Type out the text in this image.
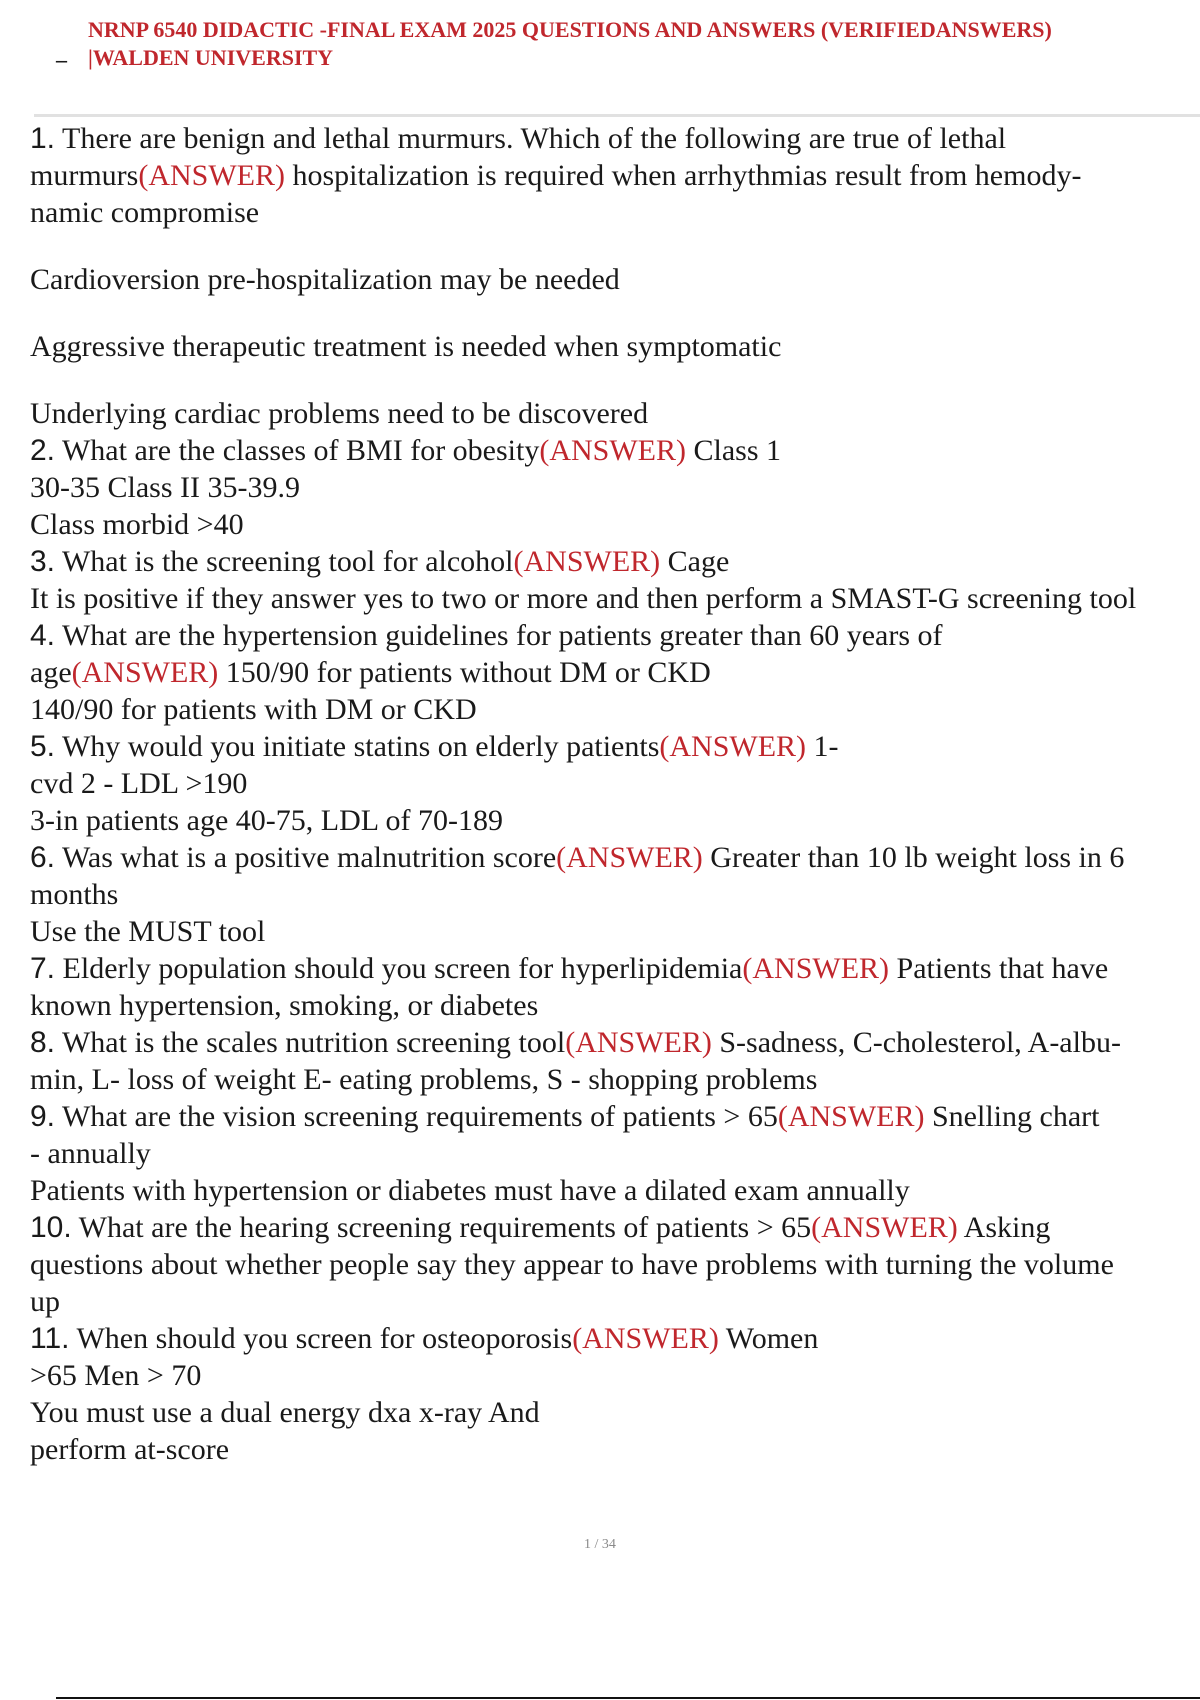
NRNP 6540 DIDACTIC -FINAL EXAM 2025 QUESTIONS AND ANSWERS (VERIFIEDANSWERS)
– |WALDEN UNIVERSITY
1. There are benign and lethal murmurs. Which of the following are true of lethal
murmurs(ANSWER) hospitalization is required when arrhythmias result from hemody-
namic compromise
Cardioversion pre-hospitalization may be needed
Aggressive therapeutic treatment is needed when symptomatic
Underlying cardiac problems need to be discovered
2. What are the classes of BMI for obesity(ANSWER) Class 1
30-35 Class II 35-39.9
Class morbid >40
3. What is the screening tool for alcohol(ANSWER) Cage
It is positive if they answer yes to two or more and then perform a SMAST-G screening tool
4. What are the hypertension guidelines for patients greater than 60 years of
age(ANSWER) 150/90 for patients without DM or CKD
140/90 for patients with DM or CKD
5. Why would you initiate statins on elderly patients(ANSWER) 1-
cvd 2 - LDL >190
3-in patients age 40-75, LDL of 70-189
6. Was what is a positive malnutrition score(ANSWER) Greater than 10 lb weight loss in 6
months
Use the MUST tool
7. Elderly population should you screen for hyperlipidemia(ANSWER) Patients that have
known hypertension, smoking, or diabetes
8. What is the scales nutrition screening tool(ANSWER) S-sadness, C-cholesterol, A-albu-
min, L- loss of weight E- eating problems, S - shopping problems
9. What are the vision screening requirements of patients > 65(ANSWER) Snelling chart
- annually
Patients with hypertension or diabetes must have a dilated exam annually
10. What are the hearing screening requirements of patients > 65(ANSWER) Asking
questions about whether people say they appear to have problems with turning the volume
up
11. When should you screen for osteoporosis(ANSWER) Women
>65 Men > 70
You must use a dual energy dxa x-ray And
perform at-score
1 / 34
